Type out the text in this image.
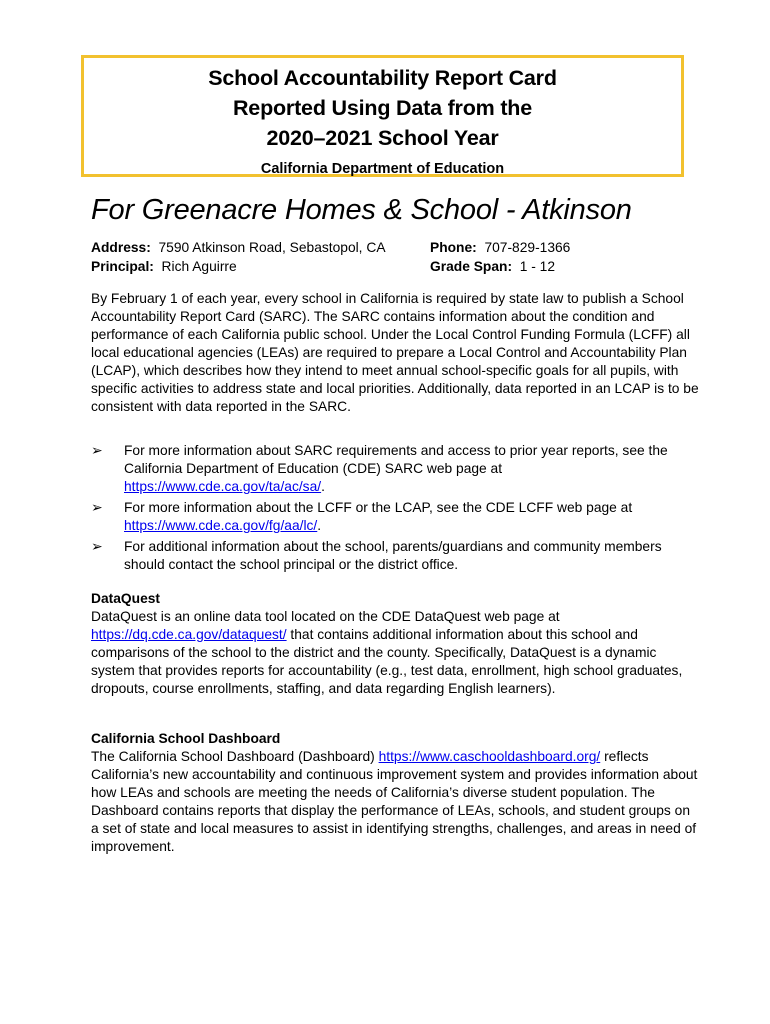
School Accountability Report Card
Reported Using Data from the
2020–2021 School Year
California Department of Education
For Greenacre Homes & School - Atkinson
Address: 7590 Atkinson Road, Sebastopol, CA
Principal: Rich Aguirre
Phone: 707-829-1366
Grade Span: 1 - 12
By February 1 of each year, every school in California is required by state law to publish a School Accountability Report Card (SARC). The SARC contains information about the condition and performance of each California public school. Under the Local Control Funding Formula (LCFF) all local educational agencies (LEAs) are required to prepare a Local Control and Accountability Plan (LCAP), which describes how they intend to meet annual school-specific goals for all pupils, with specific activities to address state and local priorities. Additionally, data reported in an LCAP is to be consistent with data reported in the SARC.
➢ For more information about SARC requirements and access to prior year reports, see the California Department of Education (CDE) SARC web page at https://www.cde.ca.gov/ta/ac/sa/.
➢ For more information about the LCFF or the LCAP, see the CDE LCFF web page at https://www.cde.ca.gov/fg/aa/lc/.
➢ For additional information about the school, parents/guardians and community members should contact the school principal or the district office.
DataQuest
DataQuest is an online data tool located on the CDE DataQuest web page at https://dq.cde.ca.gov/dataquest/ that contains additional information about this school and comparisons of the school to the district and the county. Specifically, DataQuest is a dynamic system that provides reports for accountability (e.g., test data, enrollment, high school graduates, dropouts, course enrollments, staffing, and data regarding English learners).
California School Dashboard
The California School Dashboard (Dashboard) https://www.caschooldashboard.org/ reflects California’s new accountability and continuous improvement system and provides information about how LEAs and schools are meeting the needs of California’s diverse student population. The Dashboard contains reports that display the performance of LEAs, schools, and student groups on a set of state and local measures to assist in identifying strengths, challenges, and areas in need of improvement.
